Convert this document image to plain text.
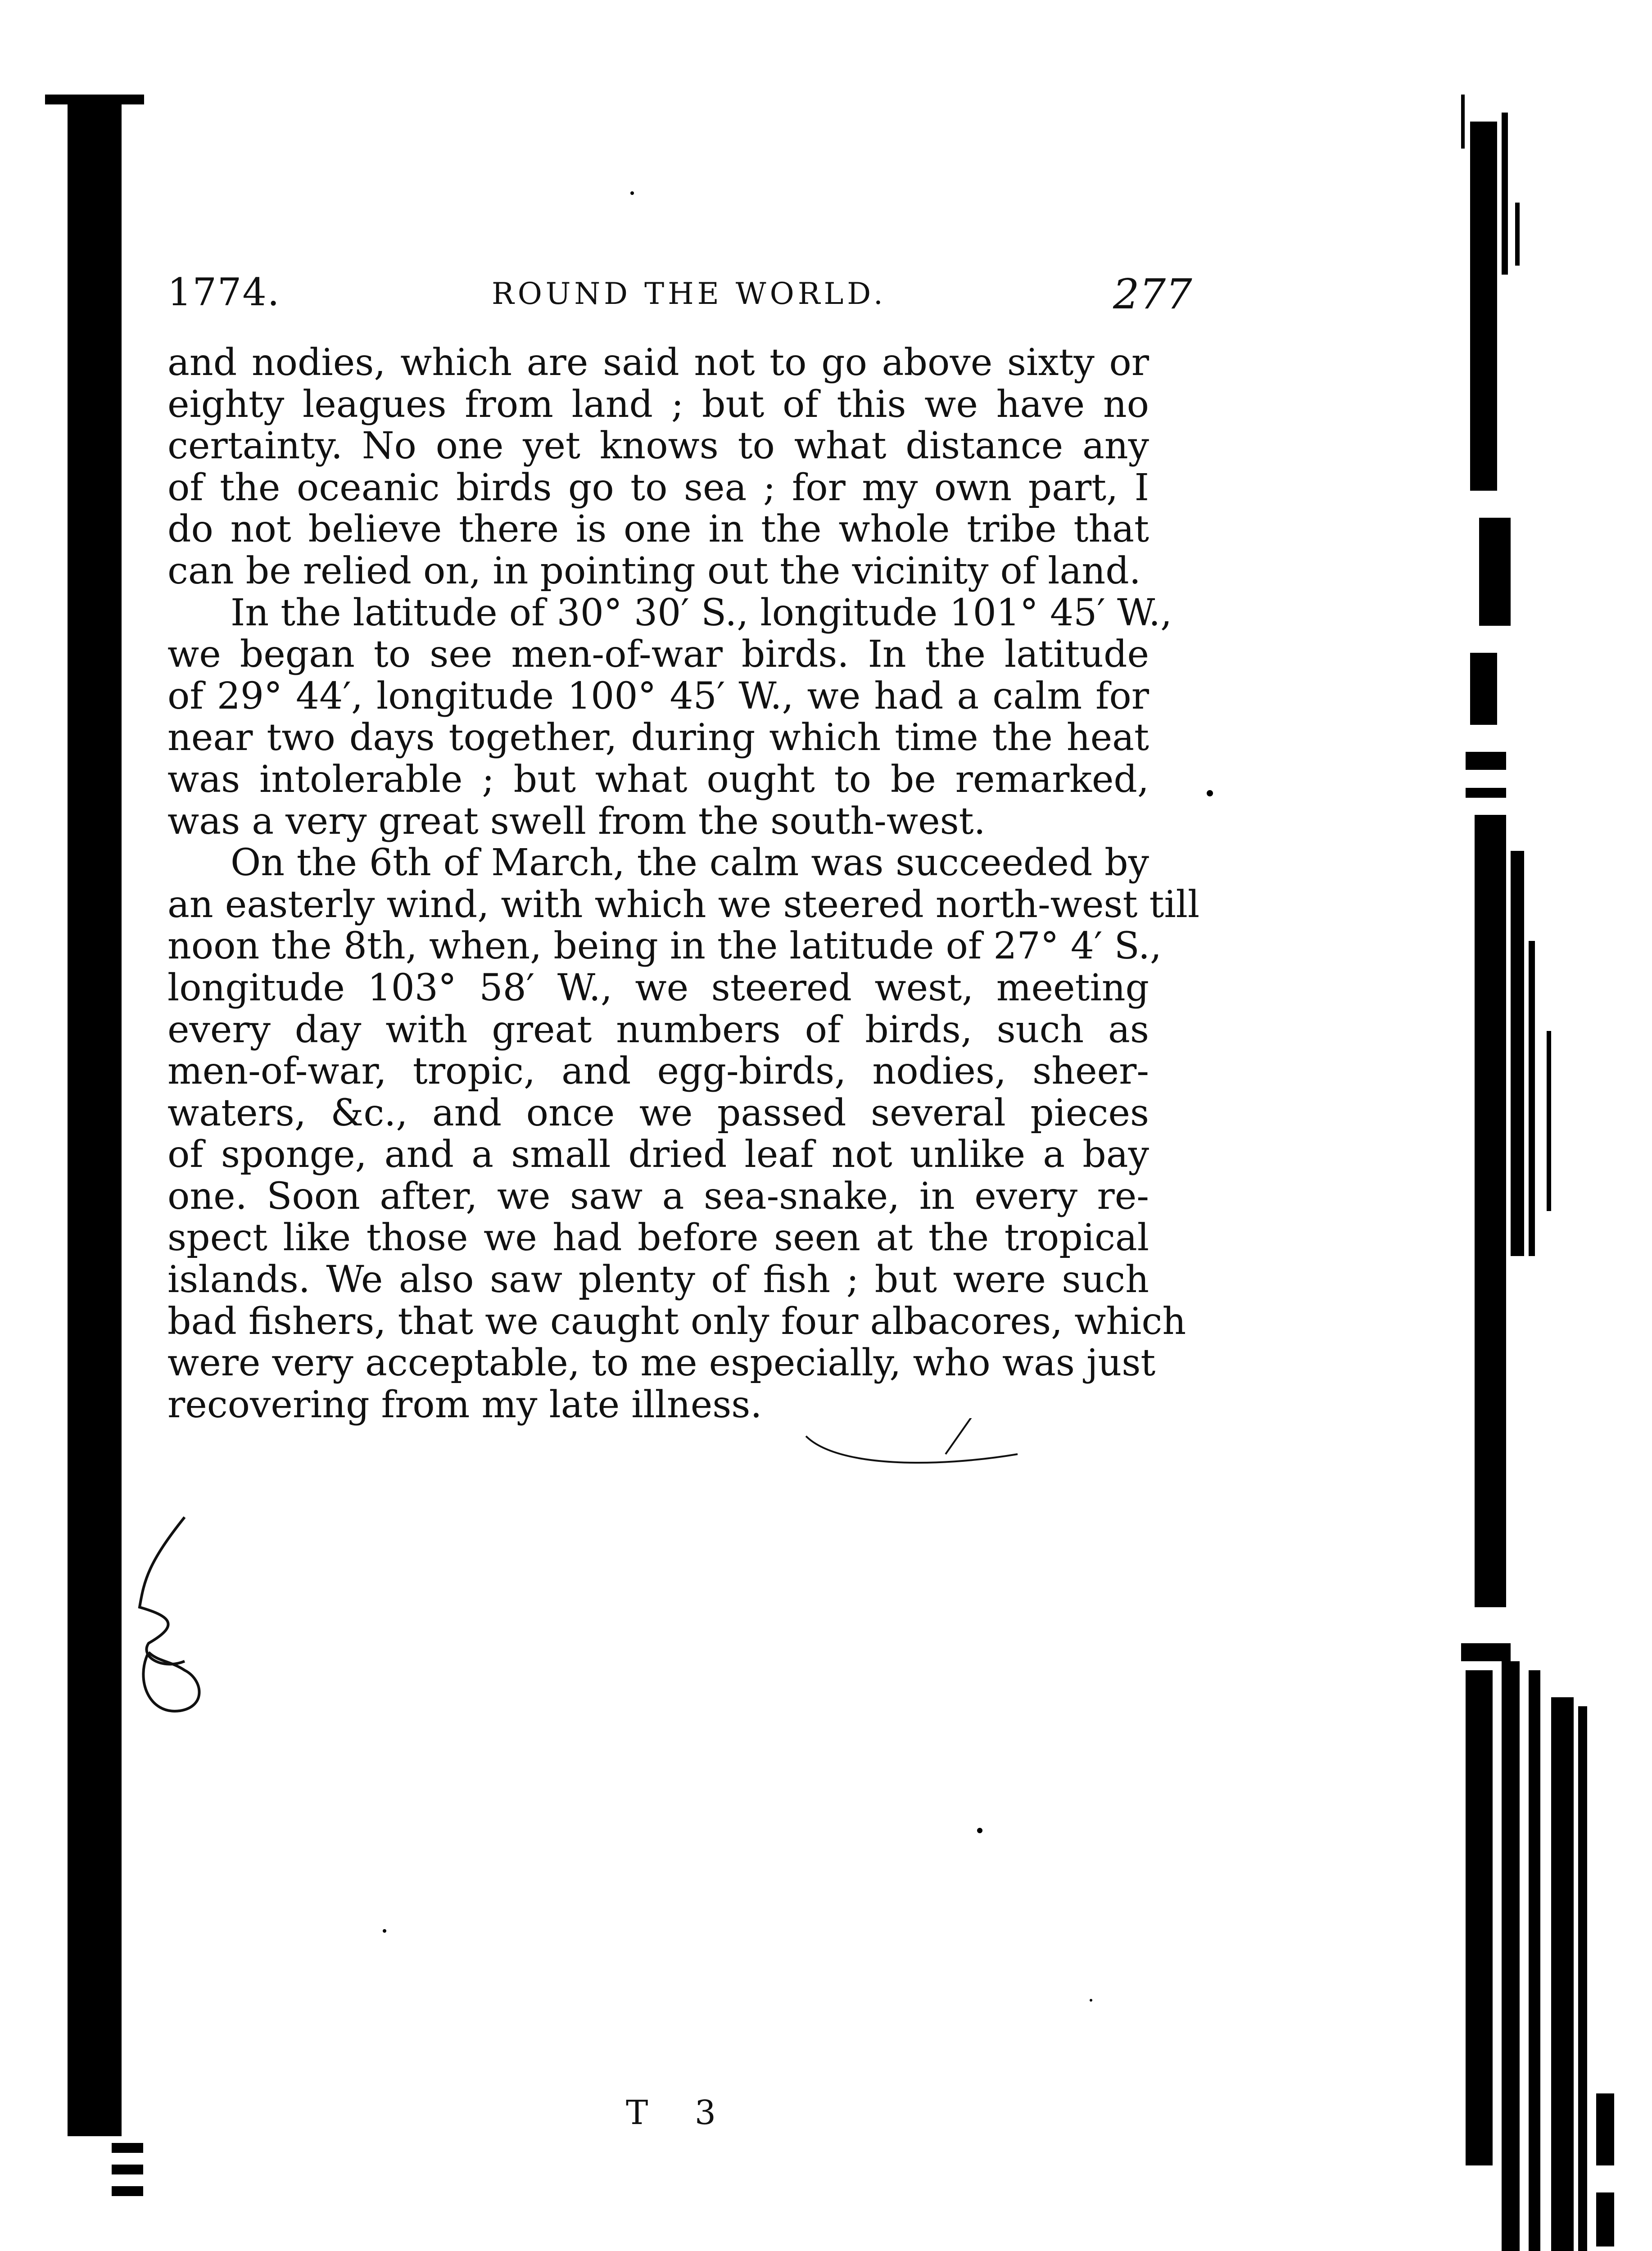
1774.	ROUND THE WORLD.	277
and nodies, which are said not to go above sixty or
eighty leagues from land ; but of this we have no
certainty. No one yet knows to what distance any
of the oceanic birds go to sea ; for my own part, I
do not believe there is one in the whole tribe that
can be relied on, in pointing out the vicinity of land.
In the latitude of 30° 30′ S., longitude 101° 45′ W.,
we began to see men-of-war birds. In the latitude
of 29° 44′, longitude 100° 45′ W., we had a calm for
near two days together, during which time the heat
was intolerable ; but what ought to be remarked,
was a very great swell from the south-west.
On the 6th of March, the calm was succeeded by
an easterly wind, with which we steered north-west till
noon the 8th, when, being in the latitude of 27° 4′ S.,
longitude 103° 58′ W., we steered west, meeting
every day with great numbers of birds, such as
men-of-war, tropic, and egg-birds, nodies, sheer-
waters, &c., and once we passed several pieces
of sponge, and a small dried leaf not unlike a bay
one. Soon after, we saw a sea-snake, in every re-
spect like those we had before seen at the tropical
islands. We also saw plenty of fish ; but were such
bad fishers, that we caught only four albacores, which
were very acceptable, to me especially, who was just
recovering from my late illness.
T 3
